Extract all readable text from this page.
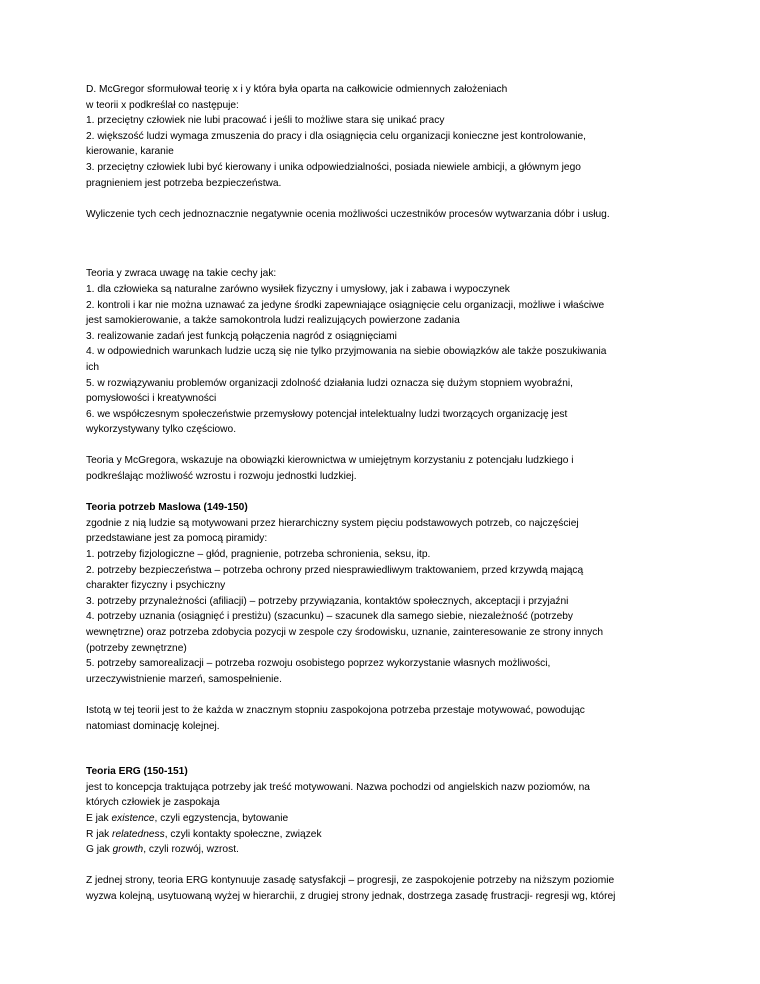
D. McGregor sformułował teorię x i y która była oparta na całkowicie odmiennych założeniach
w teorii x podkreślał co następuje:
1. przeciętny człowiek nie lubi pracować i jeśli to możliwe stara się unikać pracy
2. większość ludzi wymaga zmuszenia do pracy i dla osiągnięcia celu organizacji konieczne jest kontrolowanie,
kierowanie, karanie
3. przeciętny człowiek lubi być kierowany i unika odpowiedzialności, posiada niewiele ambicji, a głównym jego
pragnieniem jest potrzeba bezpieczeństwa.

Wyliczenie tych cech jednoznacznie negatywnie ocenia możliwości uczestników procesów wytwarzania dóbr i usług.

Teoria y zwraca uwagę na takie cechy jak:
1. dla człowieka są naturalne zarówno wysiłek fizyczny i umysłowy, jak i zabawa i wypoczynek
2. kontroli i kar nie można uznawać za jedyne środki zapewniające osiągnięcie celu organizacji, możliwe i właściwe
jest samokierowanie, a także samokontrola ludzi realizujących powierzone zadania
3. realizowanie zadań jest funkcją połączenia nagród z osiągnięciami
4. w odpowiednich warunkach ludzie uczą się nie tylko przyjmowania na siebie obowiązków ale także poszukiwania
ich
5. w rozwiązywaniu problemów organizacji zdolność działania ludzi oznacza się dużym stopniem wyobraźni,
pomysłowości i kreatywności
6. we współczesnym społeczeństwie przemysłowy potencjał intelektualny ludzi tworzących organizację jest
wykorzystywany tylko częściowo.

Teoria y McGregora, wskazuje na obowiązki kierownictwa w umiejętnym korzystaniu z potencjału ludzkiego i
podkreślając możliwość wzrostu i rozwoju jednostki ludzkiej.

Teoria potrzeb Maslowa (149-150)

zgodnie z nią ludzie są motywowani przez hierarchiczny system pięciu podstawowych potrzeb, co najczęściej
przedstawiane jest za pomocą piramidy:
1. potrzeby fizjologiczne – głód, pragnienie, potrzeba schronienia, seksu, itp.
2. potrzeby bezpieczeństwa – potrzeba ochrony przed niesprawiedliwym traktowaniem, przed krzywdą mającą
charakter fizyczny i psychiczny
3. potrzeby przynależności (afiliacji) – potrzeby przywiązania, kontaktów społecznych, akceptacji i przyjaźni
4. potrzeby uznania (osiągnięć i prestiżu) (szacunku) – szacunek dla samego siebie, niezależność (potrzeby
wewnętrzne) oraz potrzeba zdobycia pozycji w zespole czy środowisku, uznanie, zainteresowanie ze strony innych
(potrzeby zewnętrzne)
5. potrzeby samorealizacji – potrzeba rozwoju osobistego poprzez wykorzystanie własnych możliwości,
urzeczywistnienie marzeń, samospełnienie.

Istotą w tej teorii jest to że każda w znacznym stopniu zaspokojona potrzeba przestaje motywować, powodując
natomiast dominację kolejnej.

Teoria ERG (150-151)

jest to koncepcja traktująca potrzeby jak treść motywowani. Nazwa pochodzi od angielskich nazw poziomów, na
których człowiek je zaspokaja

E jak existence, czyli egzystencja, bytowanie
R jak relatedness, czyli kontakty społeczne, związek
G jak growth, czyli rozwój, wzrost.

Z jednej strony, teoria ERG kontynuuje zasadę satysfakcji – progresji, ze zaspokojenie potrzeby na niższym poziomie
wyzwa kolejną, usytuowaną wyżej w hierarchii, z drugiej strony jednak, dostrzega zasadę frustracji- regresji wg, której
